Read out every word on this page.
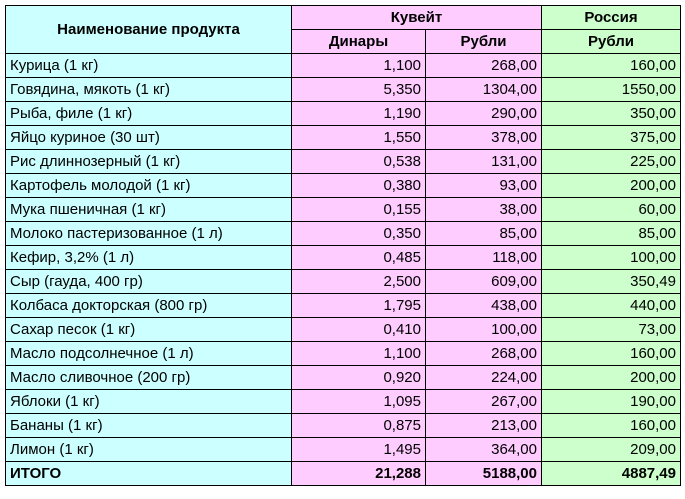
Наименование продукта	Кувейт		Россия
	Динары	Рубли	Рубли
Курица (1 кг)	1,100	268,00	160,00
Говядина, мякоть (1 кг)	5,350	1304,00	1550,00
Рыба, филе (1 кг)	1,190	290,00	350,00
Яйцо куриное (30 шт)	1,550	378,00	375,00
Рис длиннозерный (1 кг)	0,538	131,00	225,00
Картофель молодой (1 кг)	0,380	93,00	200,00
Мука пшеничная (1 кг)	0,155	38,00	60,00
Молоко пастеризованное (1 л)	0,350	85,00	85,00
Кефир, 3,2% (1 л)	0,485	118,00	100,00
Сыр (гауда, 400 гр)	2,500	609,00	350,49
Колбаса докторская (800 гр)	1,795	438,00	440,00
Сахар песок (1 кг)	0,410	100,00	73,00
Масло подсолнечное (1 л)	1,100	268,00	160,00
Масло сливочное (200 гр)	0,920	224,00	200,00
Яблоки (1 кг)	1,095	267,00	190,00
Бананы (1 кг)	0,875	213,00	160,00
Лимон (1 кг)	1,495	364,00	209,00
ИТОГО	21,288	5188,00	4887,49
